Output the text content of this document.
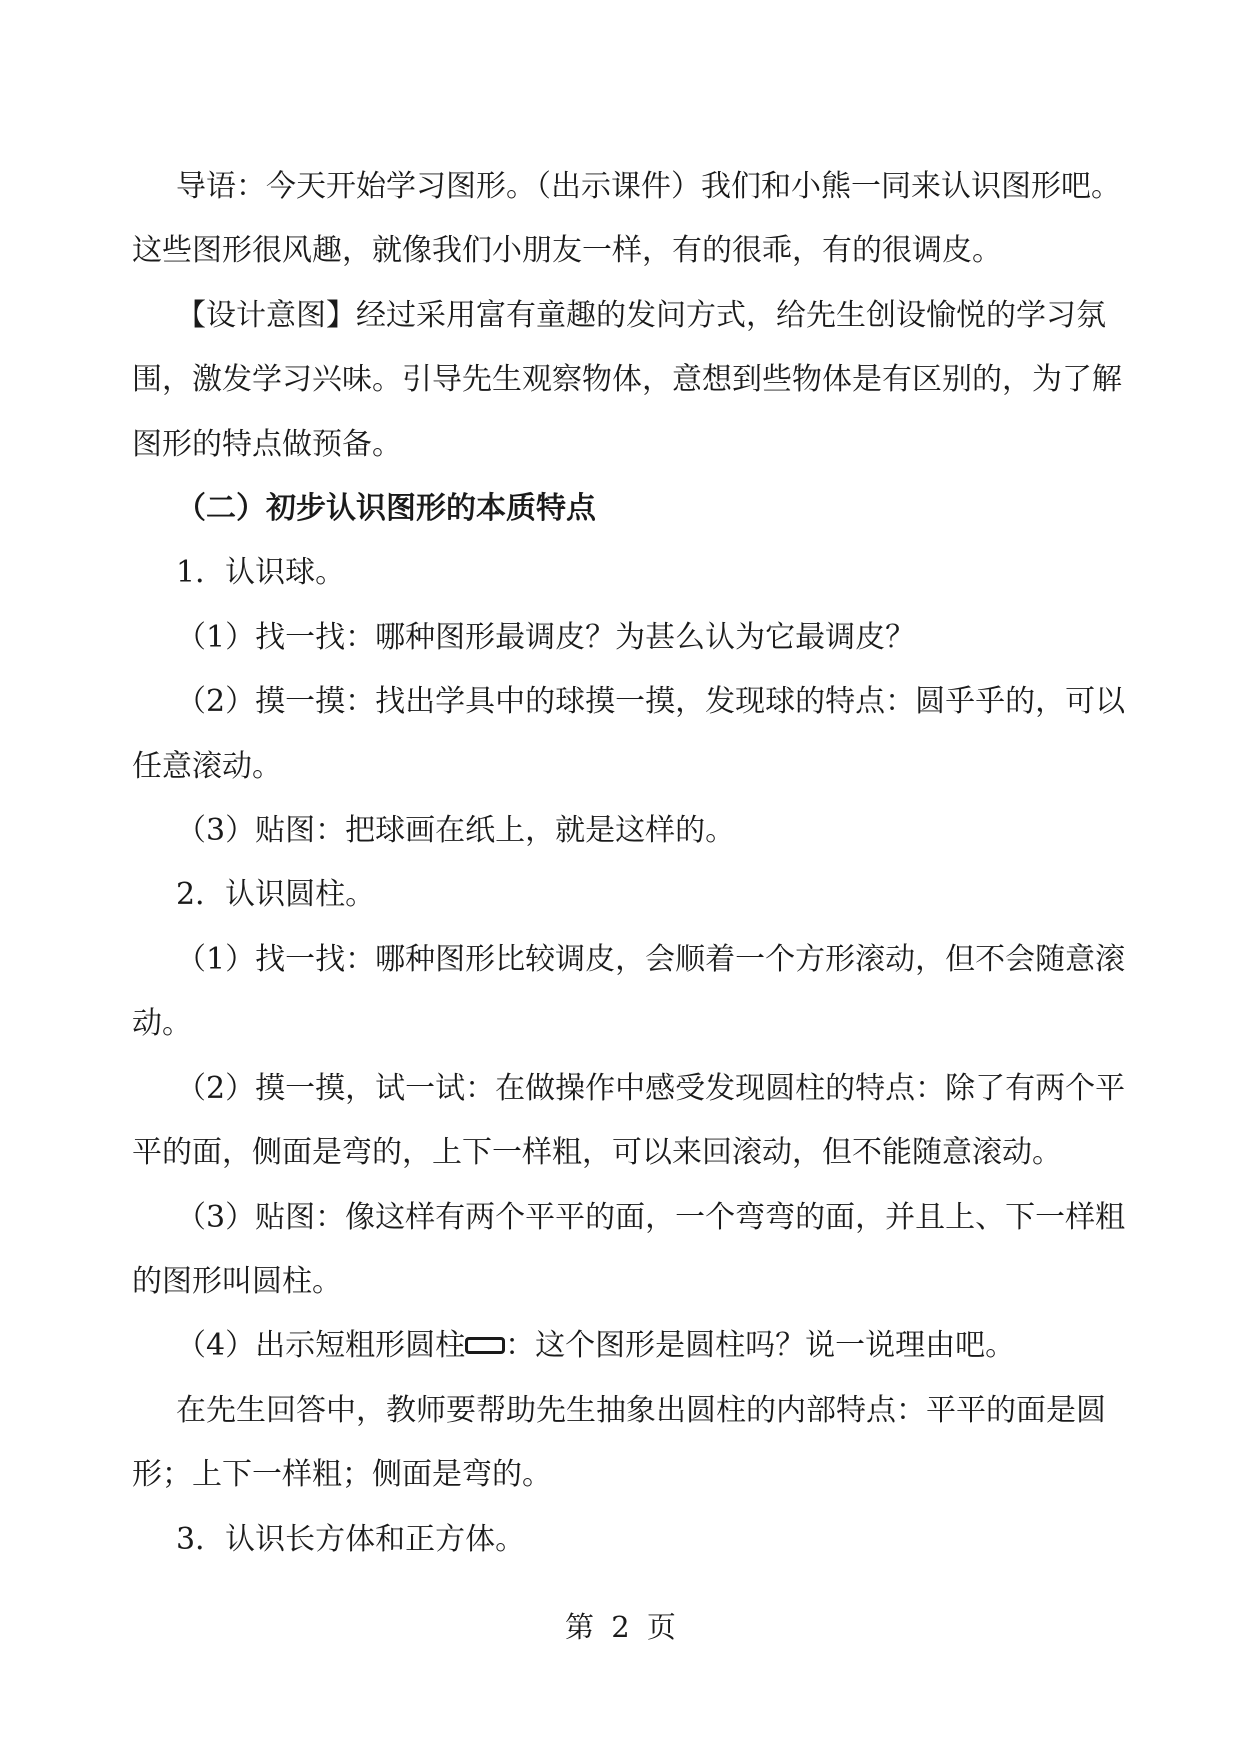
导语：今天开始学习图形。（出示课件）我们和小熊一同来认识图形吧。这些图形很风趣，就像我们小朋友一样，有的很乖，有的很调皮。

【设计意图】经过采用富有童趣的发问方式，给先生创设愉悦的学习氛围，激发学习兴味。引导先生观察物体，意想到些物体是有区别的，为了解图形的特点做预备。

（二）初步认识图形的本质特点

1．认识球。

（1）找一找：哪种图形最调皮？为甚么认为它最调皮？

（2）摸一摸：找出学具中的球摸一摸，发现球的特点：圆乎乎的，可以任意滚动。

（3）贴图：把球画在纸上，就是这样的。

2．认识圆柱。

（1）找一找：哪种图形比较调皮，会顺着一个方形滚动，但不会随意滚动。

（2）摸一摸，试一试：在做操作中感受发现圆柱的特点：除了有两个平平的面，侧面是弯的，上下一样粗，可以来回滚动，但不能随意滚动。

（3）贴图：像这样有两个平平的面，一个弯弯的面，并且上、下一样粗的图形叫圆柱。

（4）出示短粗形圆柱 ：这个图形是圆柱吗？说一说理由吧。

在先生回答中，教师要帮助先生抽象出圆柱的内部特点：平平的面是圆形；上下一样粗；侧面是弯的。

3．认识长方体和正方体。

第 2 页
